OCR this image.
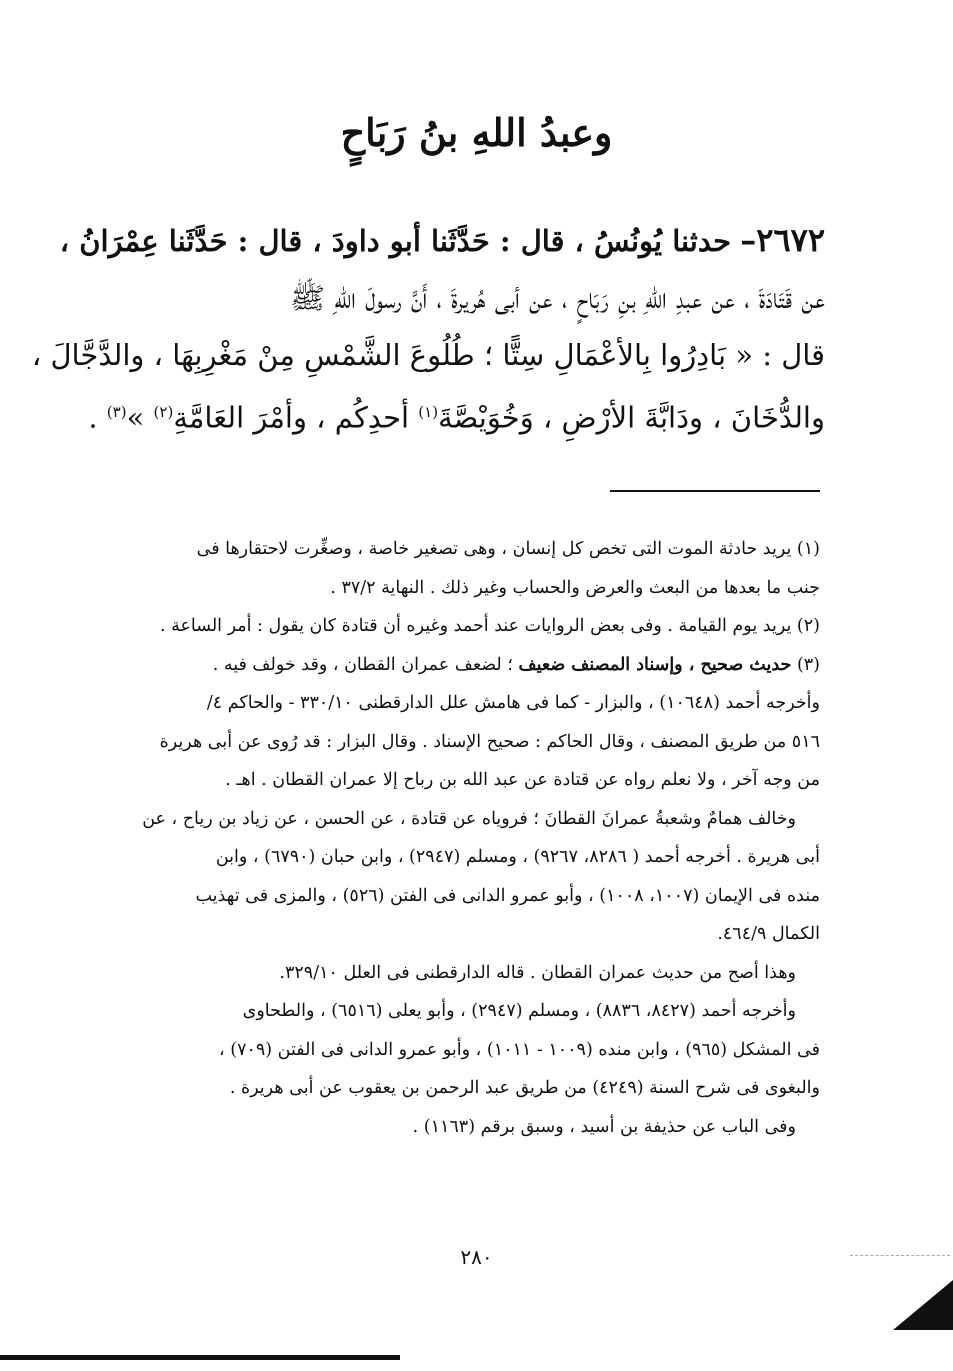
وعبدُ اللهِ بنُ رَبَاحٍ

٢٦٧٢– حدثنا يُونُسُ ، قال : حَدَّثَنا أبو داودَ ، قال : حَدَّثَنا عِمْرَانُ ،

عن قَتَادَةَ ، عن عبدِ اللهِ بنِ رَبَاحٍ ، عن أبى هُريرةَ ، أَنَّ رسولَ اللهِ ﷺ

قال : « بَادِرُوا بِالأعْمَالِ سِتًّا ؛ طُلُوعَ الشَّمْسِ مِنْ مَغْرِبِهَا ، والدَّجَّالَ ،

والدُّخَانَ ، ودَابَّةَ الأرْضِ ، وَخُوَيْصَّةَ$^{(١)}$ أحدِكُم ، وأمْرَ العَامَّةِ$^{(٢)}$ »$^{(٣)}$ .

(١) يريد حادثة الموت التى تخص كل إنسان ، وهى تصغير خاصة ، وصغِّرت لاحتقارها فى

جنب ما بعدها من البعث والعرض والحساب وغير ذلك . النهاية ٣٧/٢ .

(٢) يريد يوم القيامة . وفى بعض الروايات عند أحمد وغيره أن قتادة كان يقول : أمر الساعة .

(٣) حديث صحيح ، وإسناد المصنف ضعيف ؛ لضعف عمران القطان ، وقد خولف فيه .

وأخرجه أحمد (١٠٦٤٨) ، والبزار - كما فى هامش علل الدارقطنى ٣٣٠/١٠ - والحاكم ٤/

٥١٦ من طريق المصنف ، وقال الحاكم : صحيح الإسناد . وقال البزار : قد رُوى عن أبى هريرة

من وجه آخر ، ولا نعلم رواه عن قتادة عن عبد الله بن رباح إلا عمران القطان . اهـ .

وخالف همامٌ وشعبةُ عمرانَ القطانَ ؛ فروياه عن قتادة ، عن الحسن ، عن زياد بن رياح ، عن

أبى هريرة . أخرجه أحمد ( ٨٢٨٦، ٩٢٦٧) ، ومسلم (٢٩٤٧) ، وابن حبان (٦٧٩٠) ، وابن

منده فى الإيمان (١٠٠٧، ١٠٠٨) ، وأبو عمرو الدانى فى الفتن (٥٢٦) ، والمزى فى تهذيب

الكمال ٤٦٤/٩.

وهذا أصح من حديث عمران القطان . قاله الدارقطنى فى العلل ٣٢٩/١٠.

وأخرجه أحمد (٨٤٢٧، ٨٨٣٦) ، ومسلم (٢٩٤٧) ، وأبو يعلى (٦٥١٦) ، والطحاوى

فى المشكل (٩٦٥) ، وابن منده (١٠٠٩ - ١٠١١) ، وأبو عمرو الدانى فى الفتن (٧٠٩) ،

والبغوى فى شرح السنة (٤٢٤٩) من طريق عبد الرحمن بن يعقوب عن أبى هريرة .

وفى الباب عن حذيفة بن أسيد ، وسبق برقم (١١٦٣) .

٢٨٠
